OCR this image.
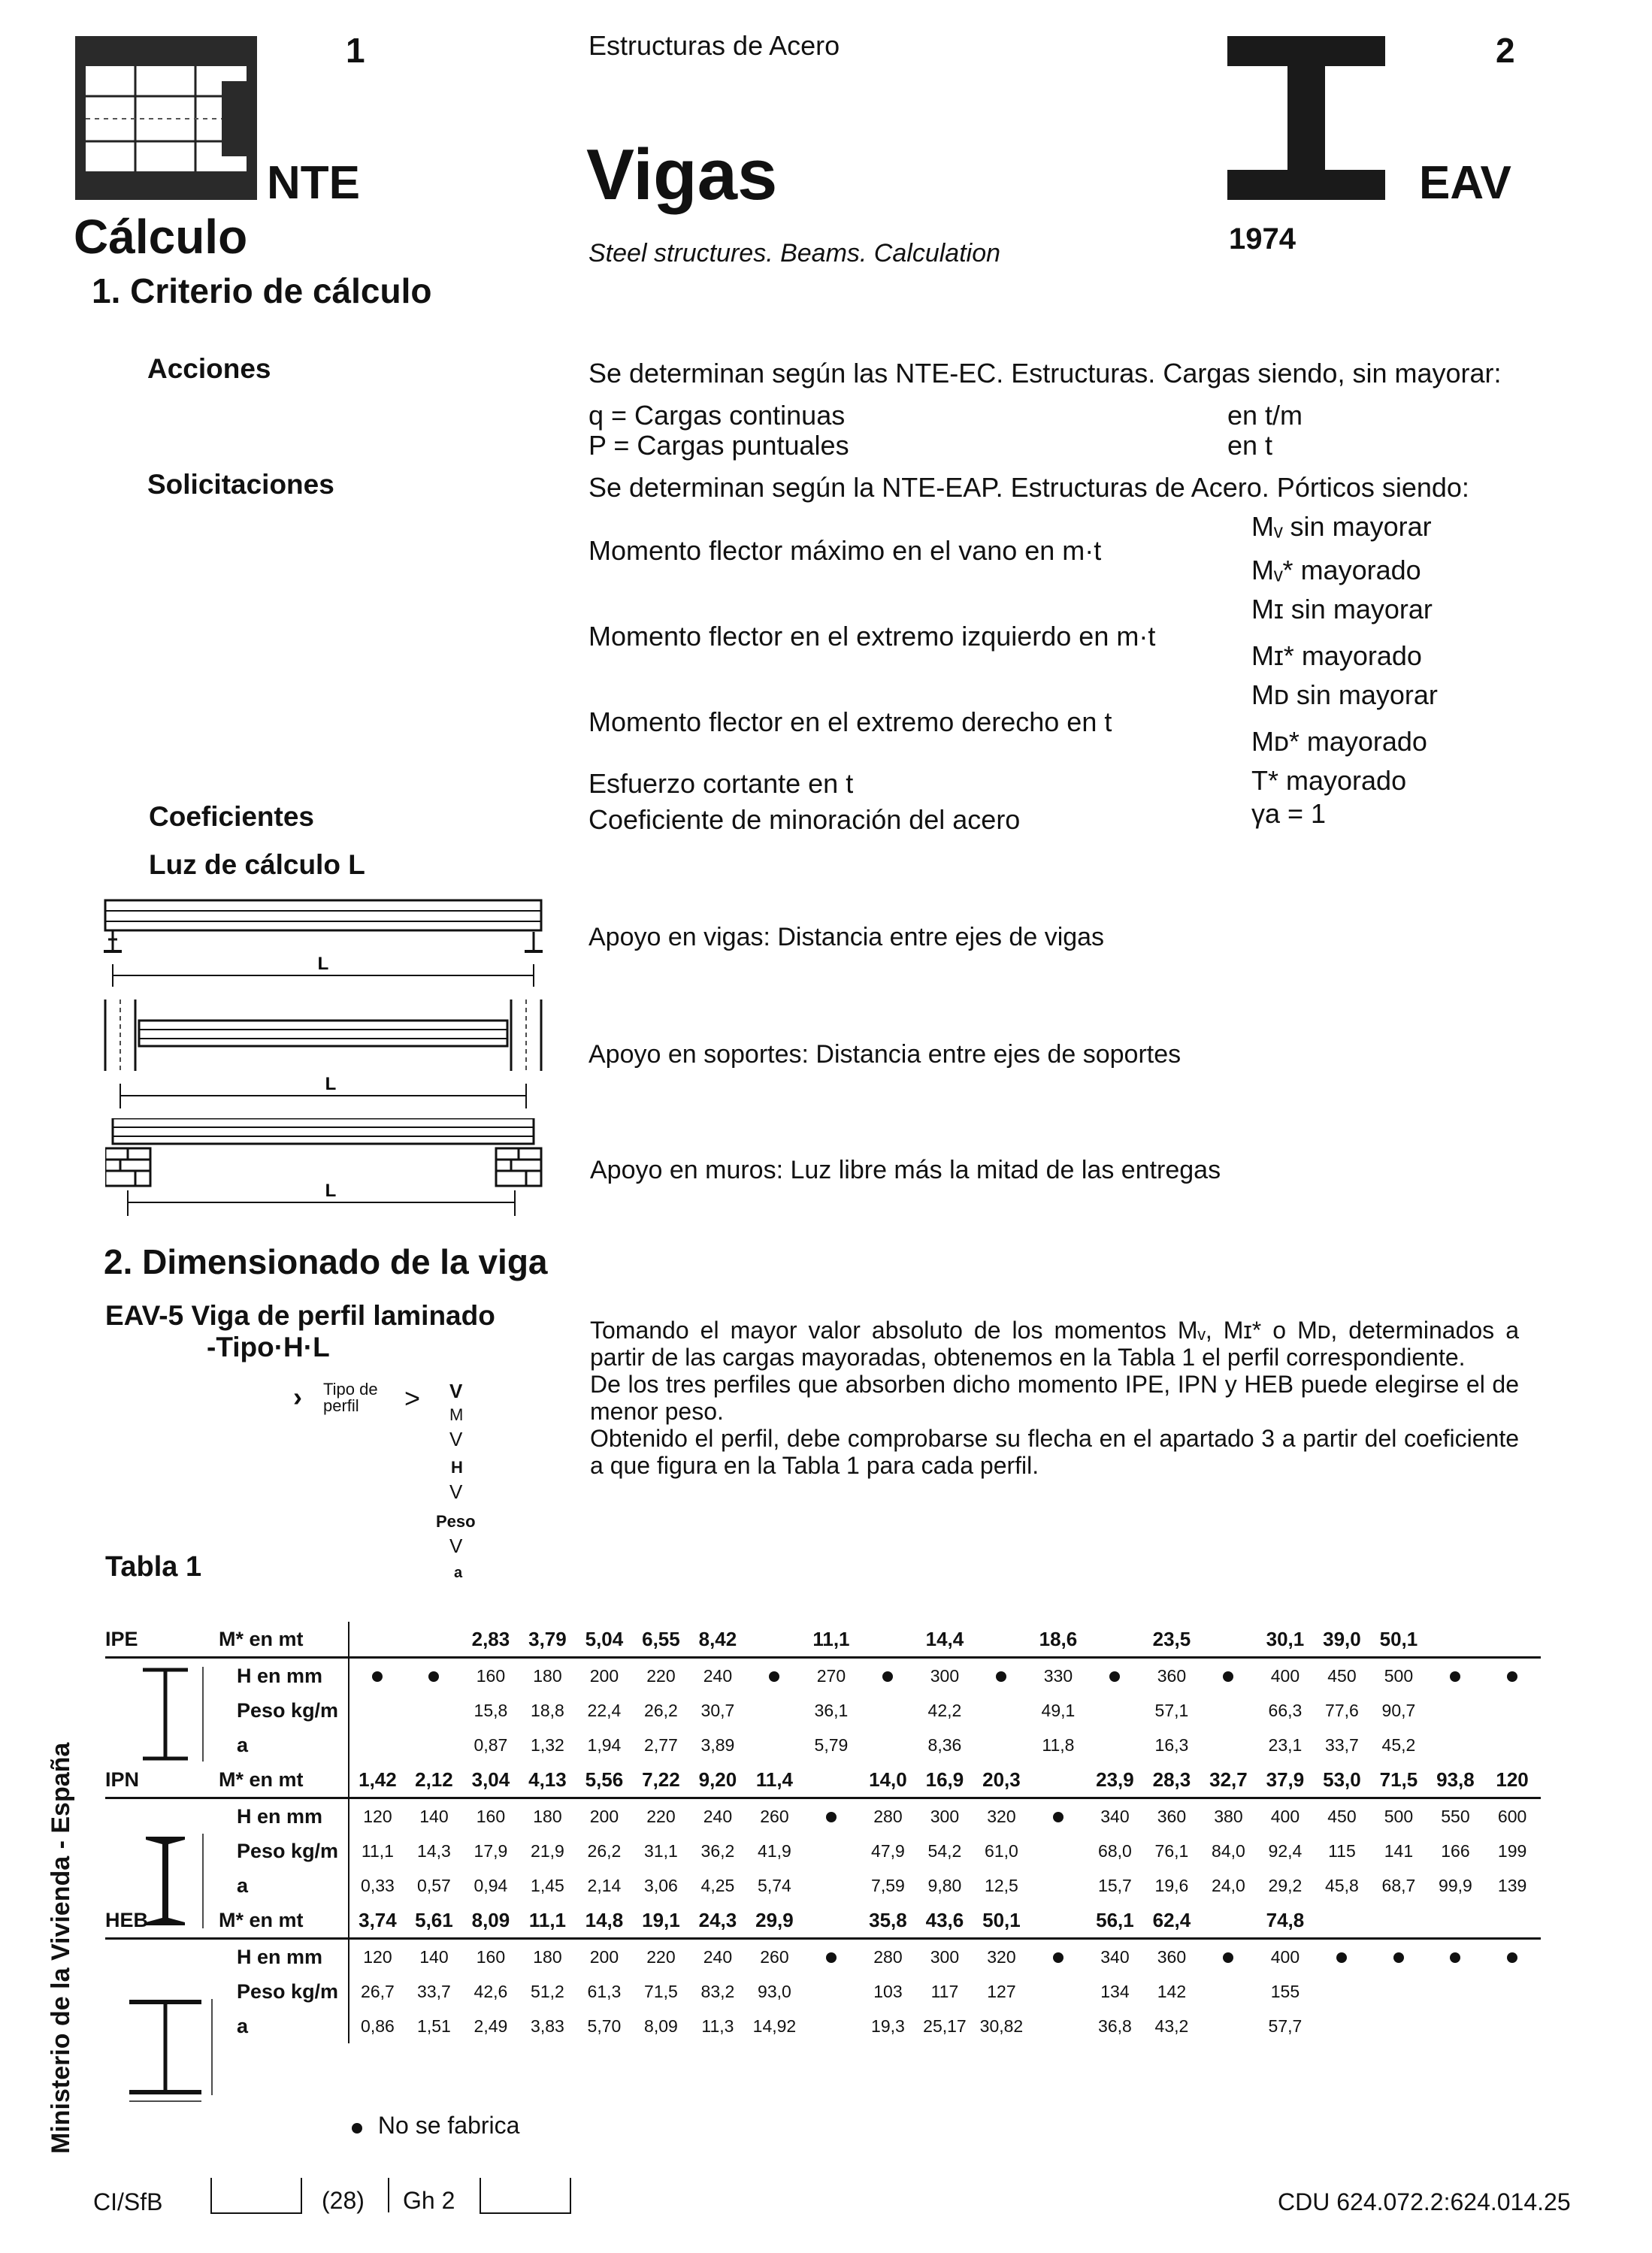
1
NTE
Estructuras de Acero
Vigas
Steel structures. Beams. Calculation
Cálculo
2
EAV
1974
1. Criterio de cálculo
Acciones	Se determinan según las NTE-EC. Estructuras. Cargas siendo, sin mayorar:
q = Cargas continuas	en t/m
P = Cargas puntuales	en t
Solicitaciones	Se determinan según la NTE-EAP. Estructuras de Acero. Pórticos siendo:
Mᵥ sin mayorar
Momento flector máximo en el vano en m·t
Mᵥ* mayorado
Mɪ sin mayorar
Momento flector en el extremo izquierdo en m·t
Mɪ* mayorado
Mᴅ sin mayorar
Momento flector en el extremo derecho en t
Mᴅ* mayorado
Esfuerzo cortante en t	T* mayorado
Coeficientes	Coeficiente de minoración del acero	γa = 1
Luz de cálculo L
L
Apoyo en vigas: Distancia entre ejes de vigas
L
Apoyo en soportes: Distancia entre ejes de soportes
L
Apoyo en muros: Luz libre más la mitad de las entregas
2. Dimensionado de la viga
EAV-5 Viga de perfil laminado
-Tipo·H·L
› Tipo de
perfil > V
M
V
H
V
Peso
V
a
Tomando el mayor valor absoluto de los momentos Mᵥ, Mɪ* o Mᴅ, determinados a partir de las cargas mayoradas, obtenemos en la Tabla 1 el perfil correspondiente.
De los tres perfiles que absorben dicho momento IPE, IPN y HEB puede elegirse el de menor peso.
Obtenido el perfil, debe comprobarse su flecha en el apartado 3 a partir del coeficiente a que figura en la Tabla 1 para cada perfil.
Tabla 1
IPE	M* en mt			2,83	3,79	5,04	6,55	8,42		11,1		14,4		18,6		23,5		30,1	39,0	50,1		
	H en mm			160	180	200	220	240		270		300		330		360		400	450	500		
	Peso kg/m			15,8	18,8	22,4	26,2	30,7		36,1		42,2		49,1		57,1		66,3	77,6	90,7		
	a			0,87	1,32	1,94	2,77	3,89		5,79		8,36		11,8		16,3		23,1	33,7	45,2		
IPN	M* en mt	1,42	2,12	3,04	4,13	5,56	7,22	9,20	11,4		14,0	16,9	20,3		23,9	28,3	32,7	37,9	53,0	71,5	93,8	120
	H en mm	120	140	160	180	200	220	240	260		280	300	320		340	360	380	400	450	500	550	600
	Peso kg/m	11,1	14,3	17,9	21,9	26,2	31,1	36,2	41,9		47,9	54,2	61,0		68,0	76,1	84,0	92,4	115	141	166	199
	a	0,33	0,57	0,94	1,45	2,14	3,06	4,25	5,74		7,59	9,80	12,5		15,7	19,6	24,0	29,2	45,8	68,7	99,9	139
HEB	M* en mt	3,74	5,61	8,09	11,1	14,8	19,1	24,3	29,9		35,8	43,6	50,1		56,1	62,4		74,8				
	H en mm	120	140	160	180	200	220	240	260		280	300	320		340	360		400				
	Peso kg/m	26,7	33,7	42,6	51,2	61,3	71,5	83,2	93,0		103	117	127		134	142		155				
	a	0,86	1,51	2,49	3,83	5,70	8,09	11,3	14,92		19,3	25,17	30,82		36,8	43,2		57,7				
No se fabrica
Ministerio de la Vivienda - España
CI/SfB	(28) Gh 2	CDU 624.072.2:624.014.25
